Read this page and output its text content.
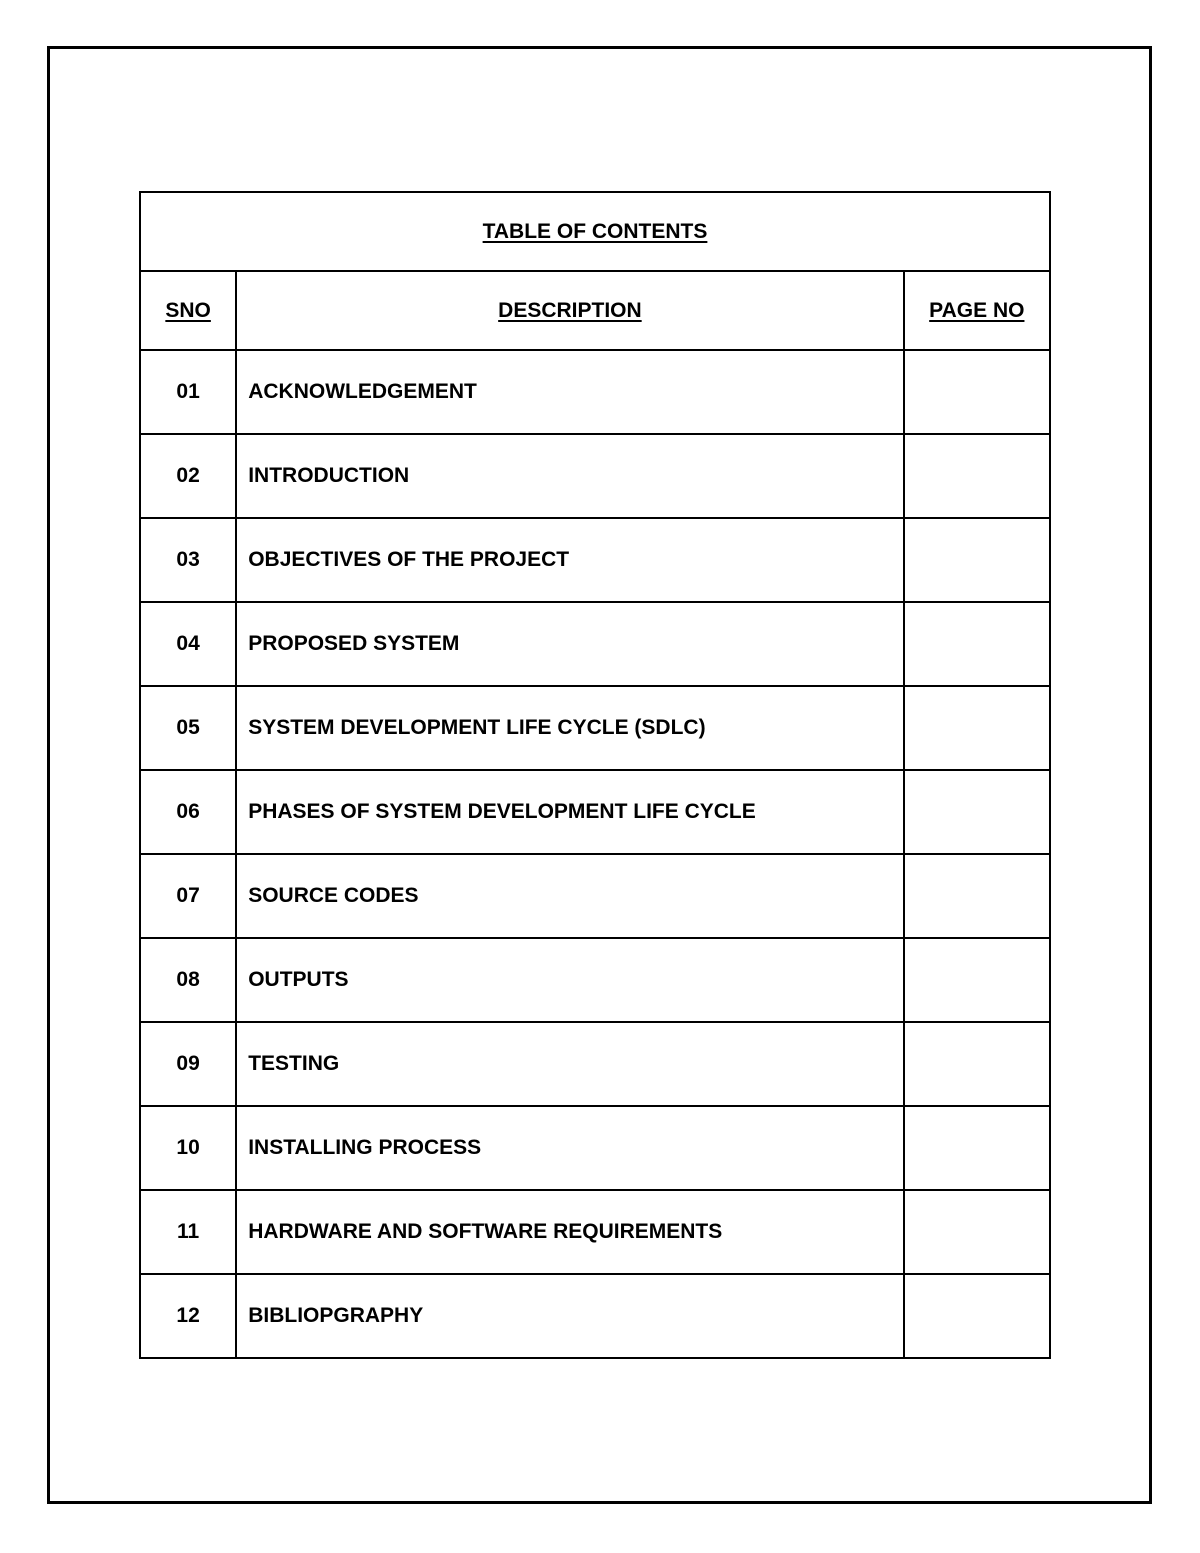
TABLE OF CONTENTS		
SNO	DESCRIPTION	PAGE NO
01	ACKNOWLEDGEMENT	
02	INTRODUCTION	
03	OBJECTIVES OF THE PROJECT	
04	PROPOSED SYSTEM	
05	SYSTEM DEVELOPMENT LIFE CYCLE (SDLC)	
06	PHASES OF SYSTEM DEVELOPMENT LIFE CYCLE	
07	SOURCE CODES	
08	OUTPUTS	
09	TESTING	
10	INSTALLING PROCESS	
11	HARDWARE AND SOFTWARE REQUIREMENTS	
12	BIBLIOPGRAPHY	
